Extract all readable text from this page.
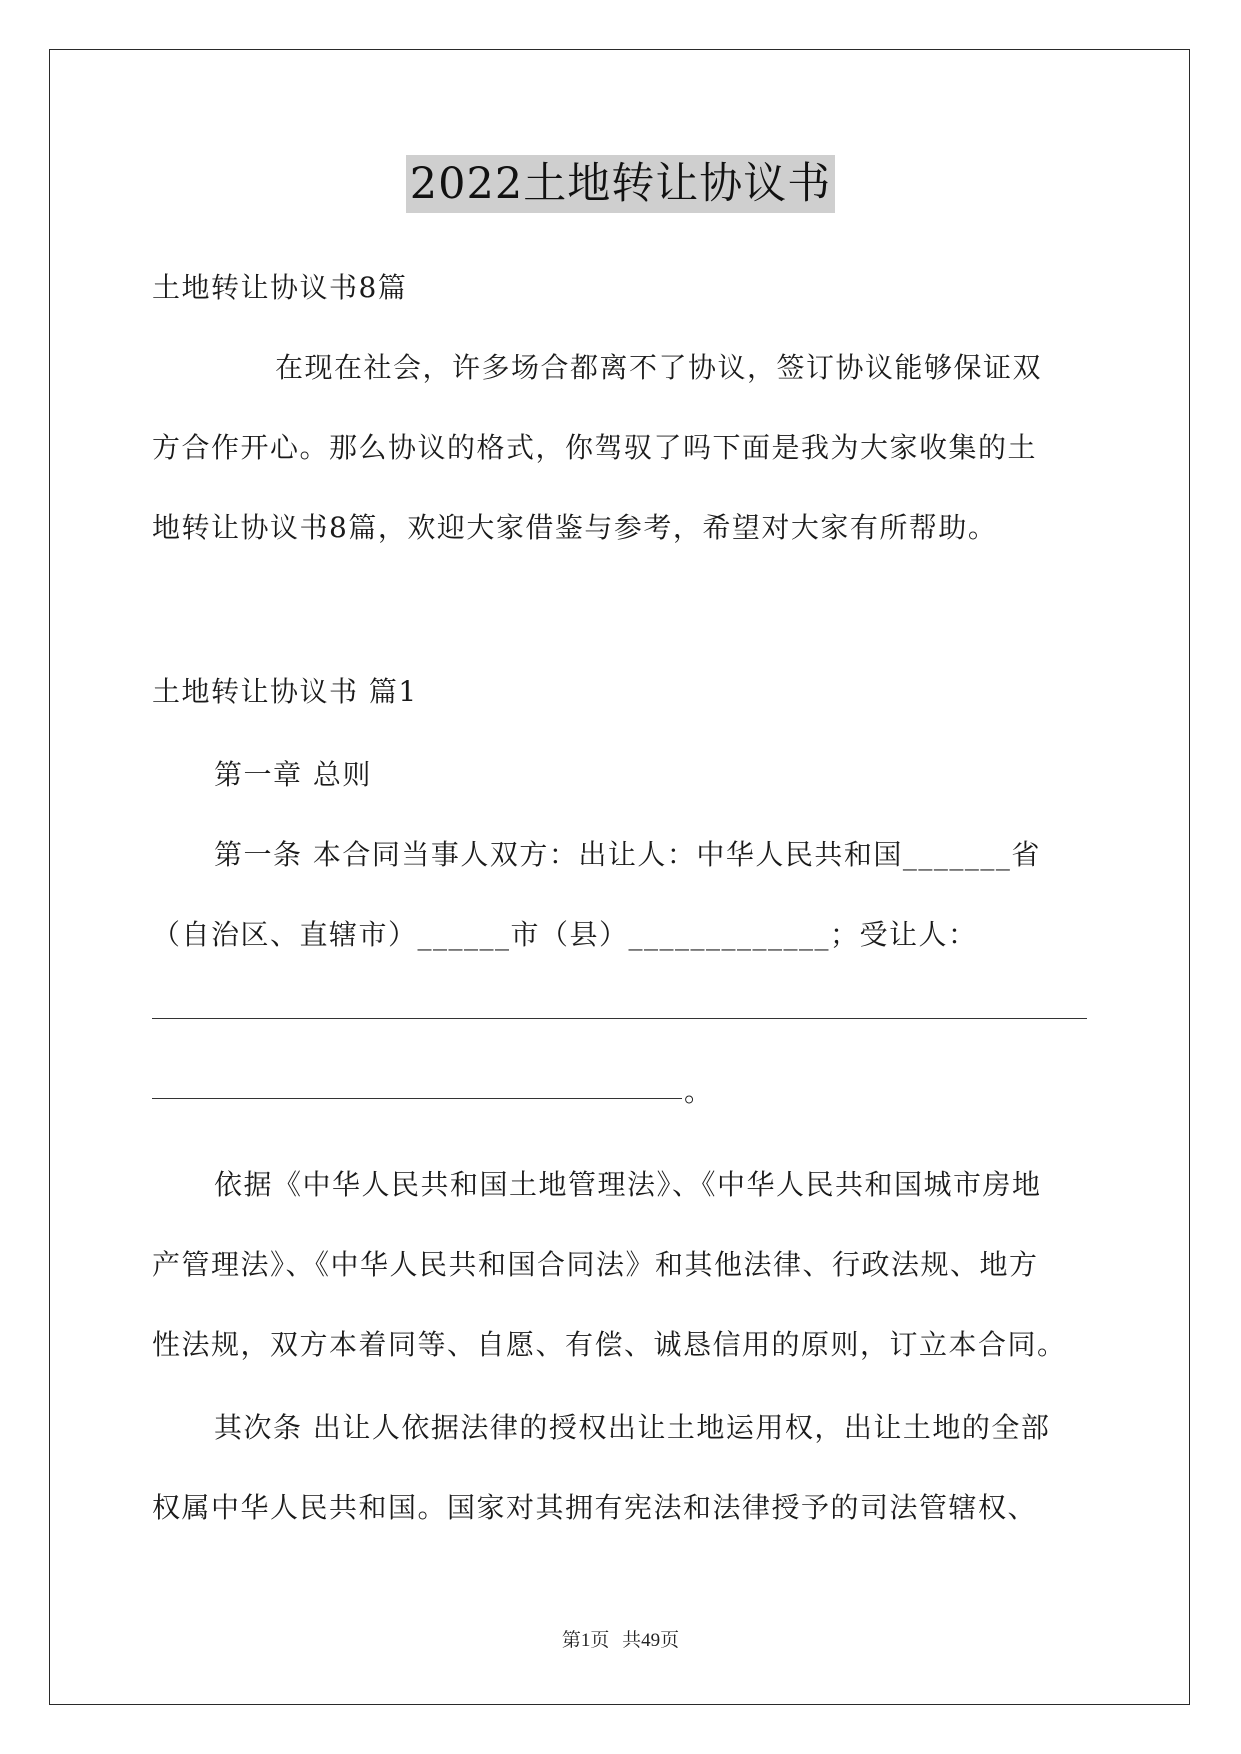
2022土地转让协议书
土地转让协议书8篇
在现在社会，许多场合都离不了协议，签订协议能够保证双
方合作开心。那么协议的格式，你驾驭了吗下面是我为大家收集的土
地转让协议书8篇，欢迎大家借鉴与参考，希望对大家有所帮助。
土地转让协议书 篇1
第一章 总则
第一条 本合同当事人双方：出让人：中华人民共和国_______省
（自治区、直辖市）______市（县）_____________；受让人：
。
依据《中华人民共和国土地管理法》、《中华人民共和国城市房地
产管理法》、《中华人民共和国合同法》和其他法律、行政法规、地方
性法规，双方本着同等、自愿、有偿、诚恳信用的原则，订立本合同。
其次条 出让人依据法律的授权出让土地运用权，出让土地的全部
权属中华人民共和国。国家对其拥有宪法和法律授予的司法管辖权、
第1页 共49页
